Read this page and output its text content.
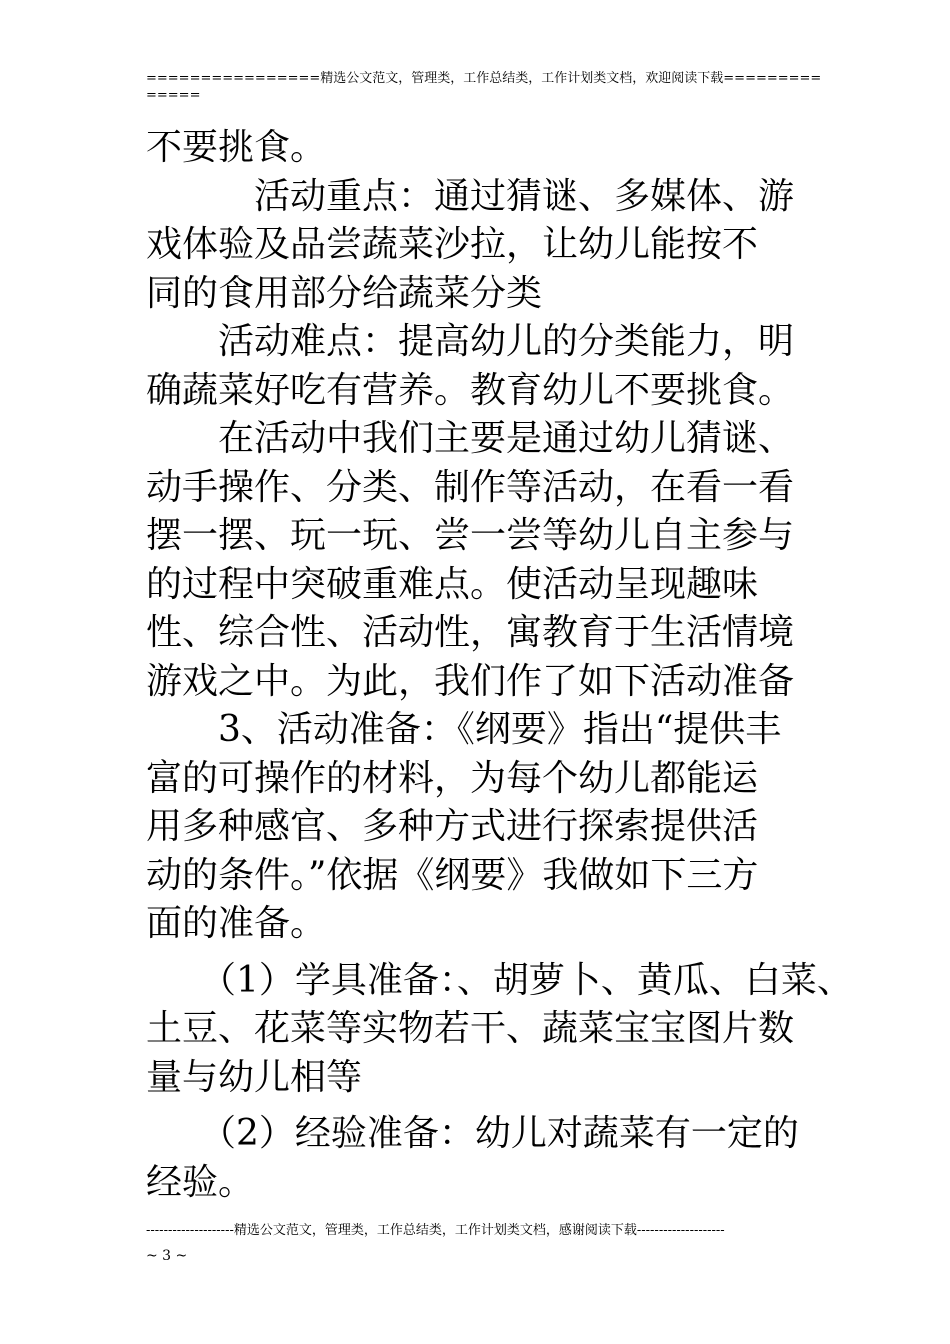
================精选公文范文，管理类，工作总结类，工作计划类文档，欢迎阅读下载==============
不要挑食。
　　　活动重点：通过猜谜、多媒体、游
戏体验及品尝蔬菜沙拉，让幼儿能按不
同的食用部分给蔬菜分类
　　活动难点：提高幼儿的分类能力，明
确蔬菜好吃有营养。教育幼儿不要挑食。
　　在活动中我们主要是通过幼儿猜谜、
动手操作、分类、制作等活动，在看一看
摆一摆、玩一玩、尝一尝等幼儿自主参与
的过程中突破重难点。使活动呈现趣味
性、综合性、活动性，寓教育于生活情境
游戏之中。为此，我们作了如下活动准备
　　3、活动准备：《纲要》指出“提供丰
富的可操作的材料，为每个幼儿都能运
用多种感官、多种方式进行探索提供活
动的条件。”依据《纲要》我做如下三方
面的准备。
　　（1）学具准备：、胡萝卜、黄瓜、白菜、
土豆、花菜等实物若干、蔬菜宝宝图片数
量与幼儿相等
　　（2）经验准备：幼儿对蔬菜有一定的
经验。
--------------------精选公文范文，管理类，工作总结类，工作计划类文档，感谢阅读下载--------------------
~ 3 ~
